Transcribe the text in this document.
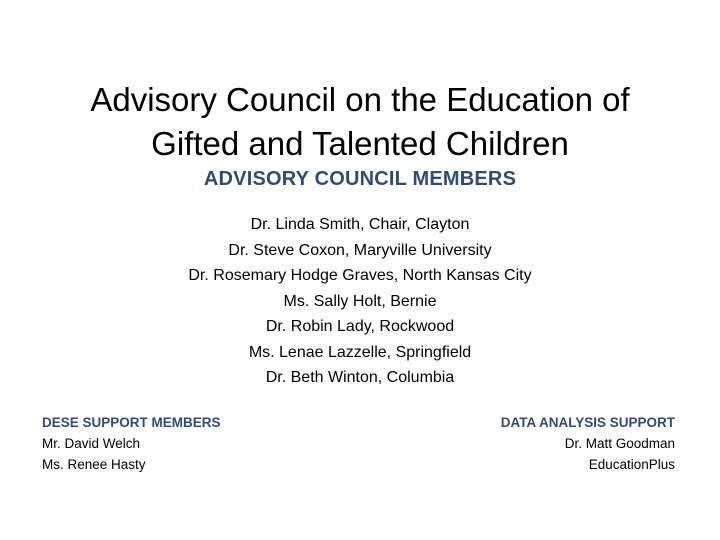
Advisory Council on the Education of
Gifted and Talented Children
ADVISORY COUNCIL MEMBERS
Dr. Linda Smith, Chair, Clayton
Dr. Steve Coxon, Maryville University
Dr. Rosemary Hodge Graves, North Kansas City
Ms. Sally Holt, Bernie
Dr. Robin Lady, Rockwood
Ms. Lenae Lazzelle, Springfield
Dr. Beth Winton, Columbia
DESE SUPPORT MEMBERS
Mr. David Welch
Ms. Renee Hasty
DATA ANALYSIS SUPPORT
Dr. Matt Goodman
EducationPlus
